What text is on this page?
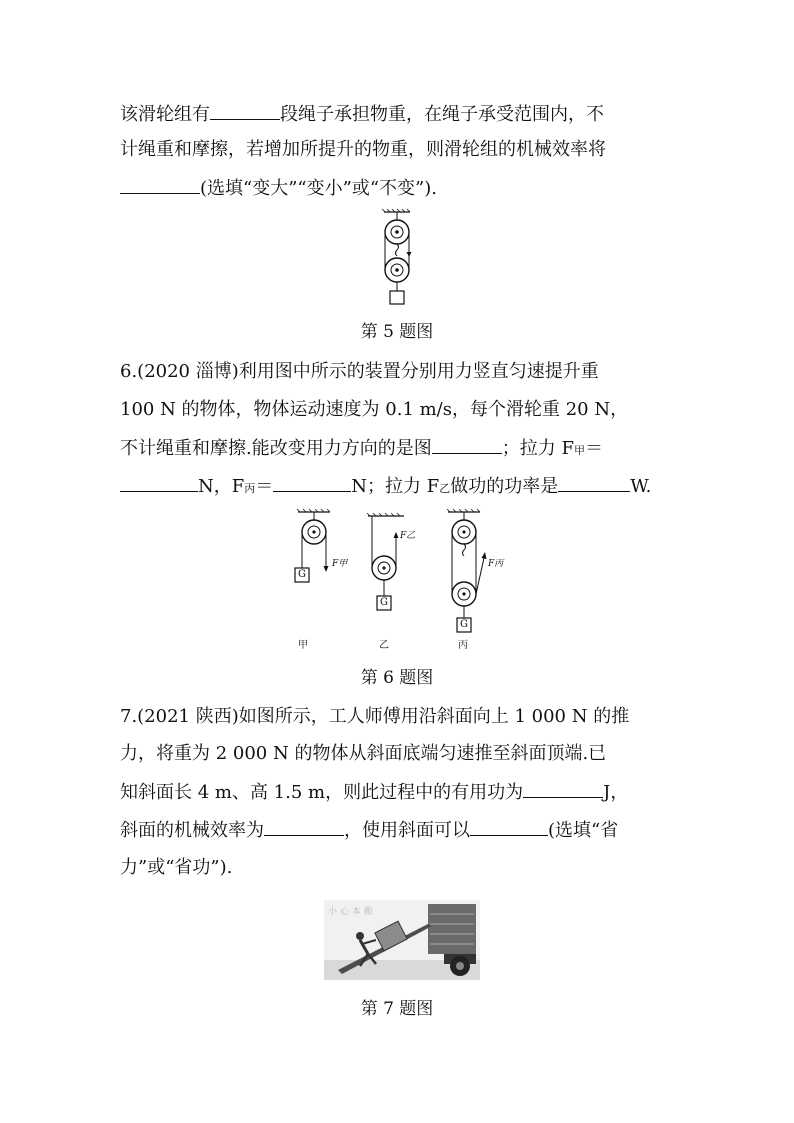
该滑轮组有	段绳子承担物重，在绳子承受范围内，不
计绳重和摩擦，若增加所提升的物重，则滑轮组的机械效率将
(选填“变大”“变小”或“不变”).
第 5 题图
6.(2020 淄博)利用图中所示的装置分别用力竖直匀速提升重
100 N 的物体，物体运动速度为 0.1 m/s，每个滑轮重 20 N，
不计绳重和摩擦.能改变用力方向的是图	；拉力 F甲＝
N，F丙＝	N；拉力 F乙做功的功率是	W.
G
G
G
F甲
F乙
F丙
甲	乙	丙
第 6 题图
7.(2021 陕西)如图所示，工人师傅用沿斜面向上 1 000 N 的推
力，将重为 2 000 N 的物体从斜面底端匀速推至斜面顶端.已
知斜面长 4 m、高 1.5 m，则此过程中的有用功为	J，
斜面的机械效率为	，使用斜面可以	(选填“省
力”或“省功”).
小 心 本 搬
第 7 题图
